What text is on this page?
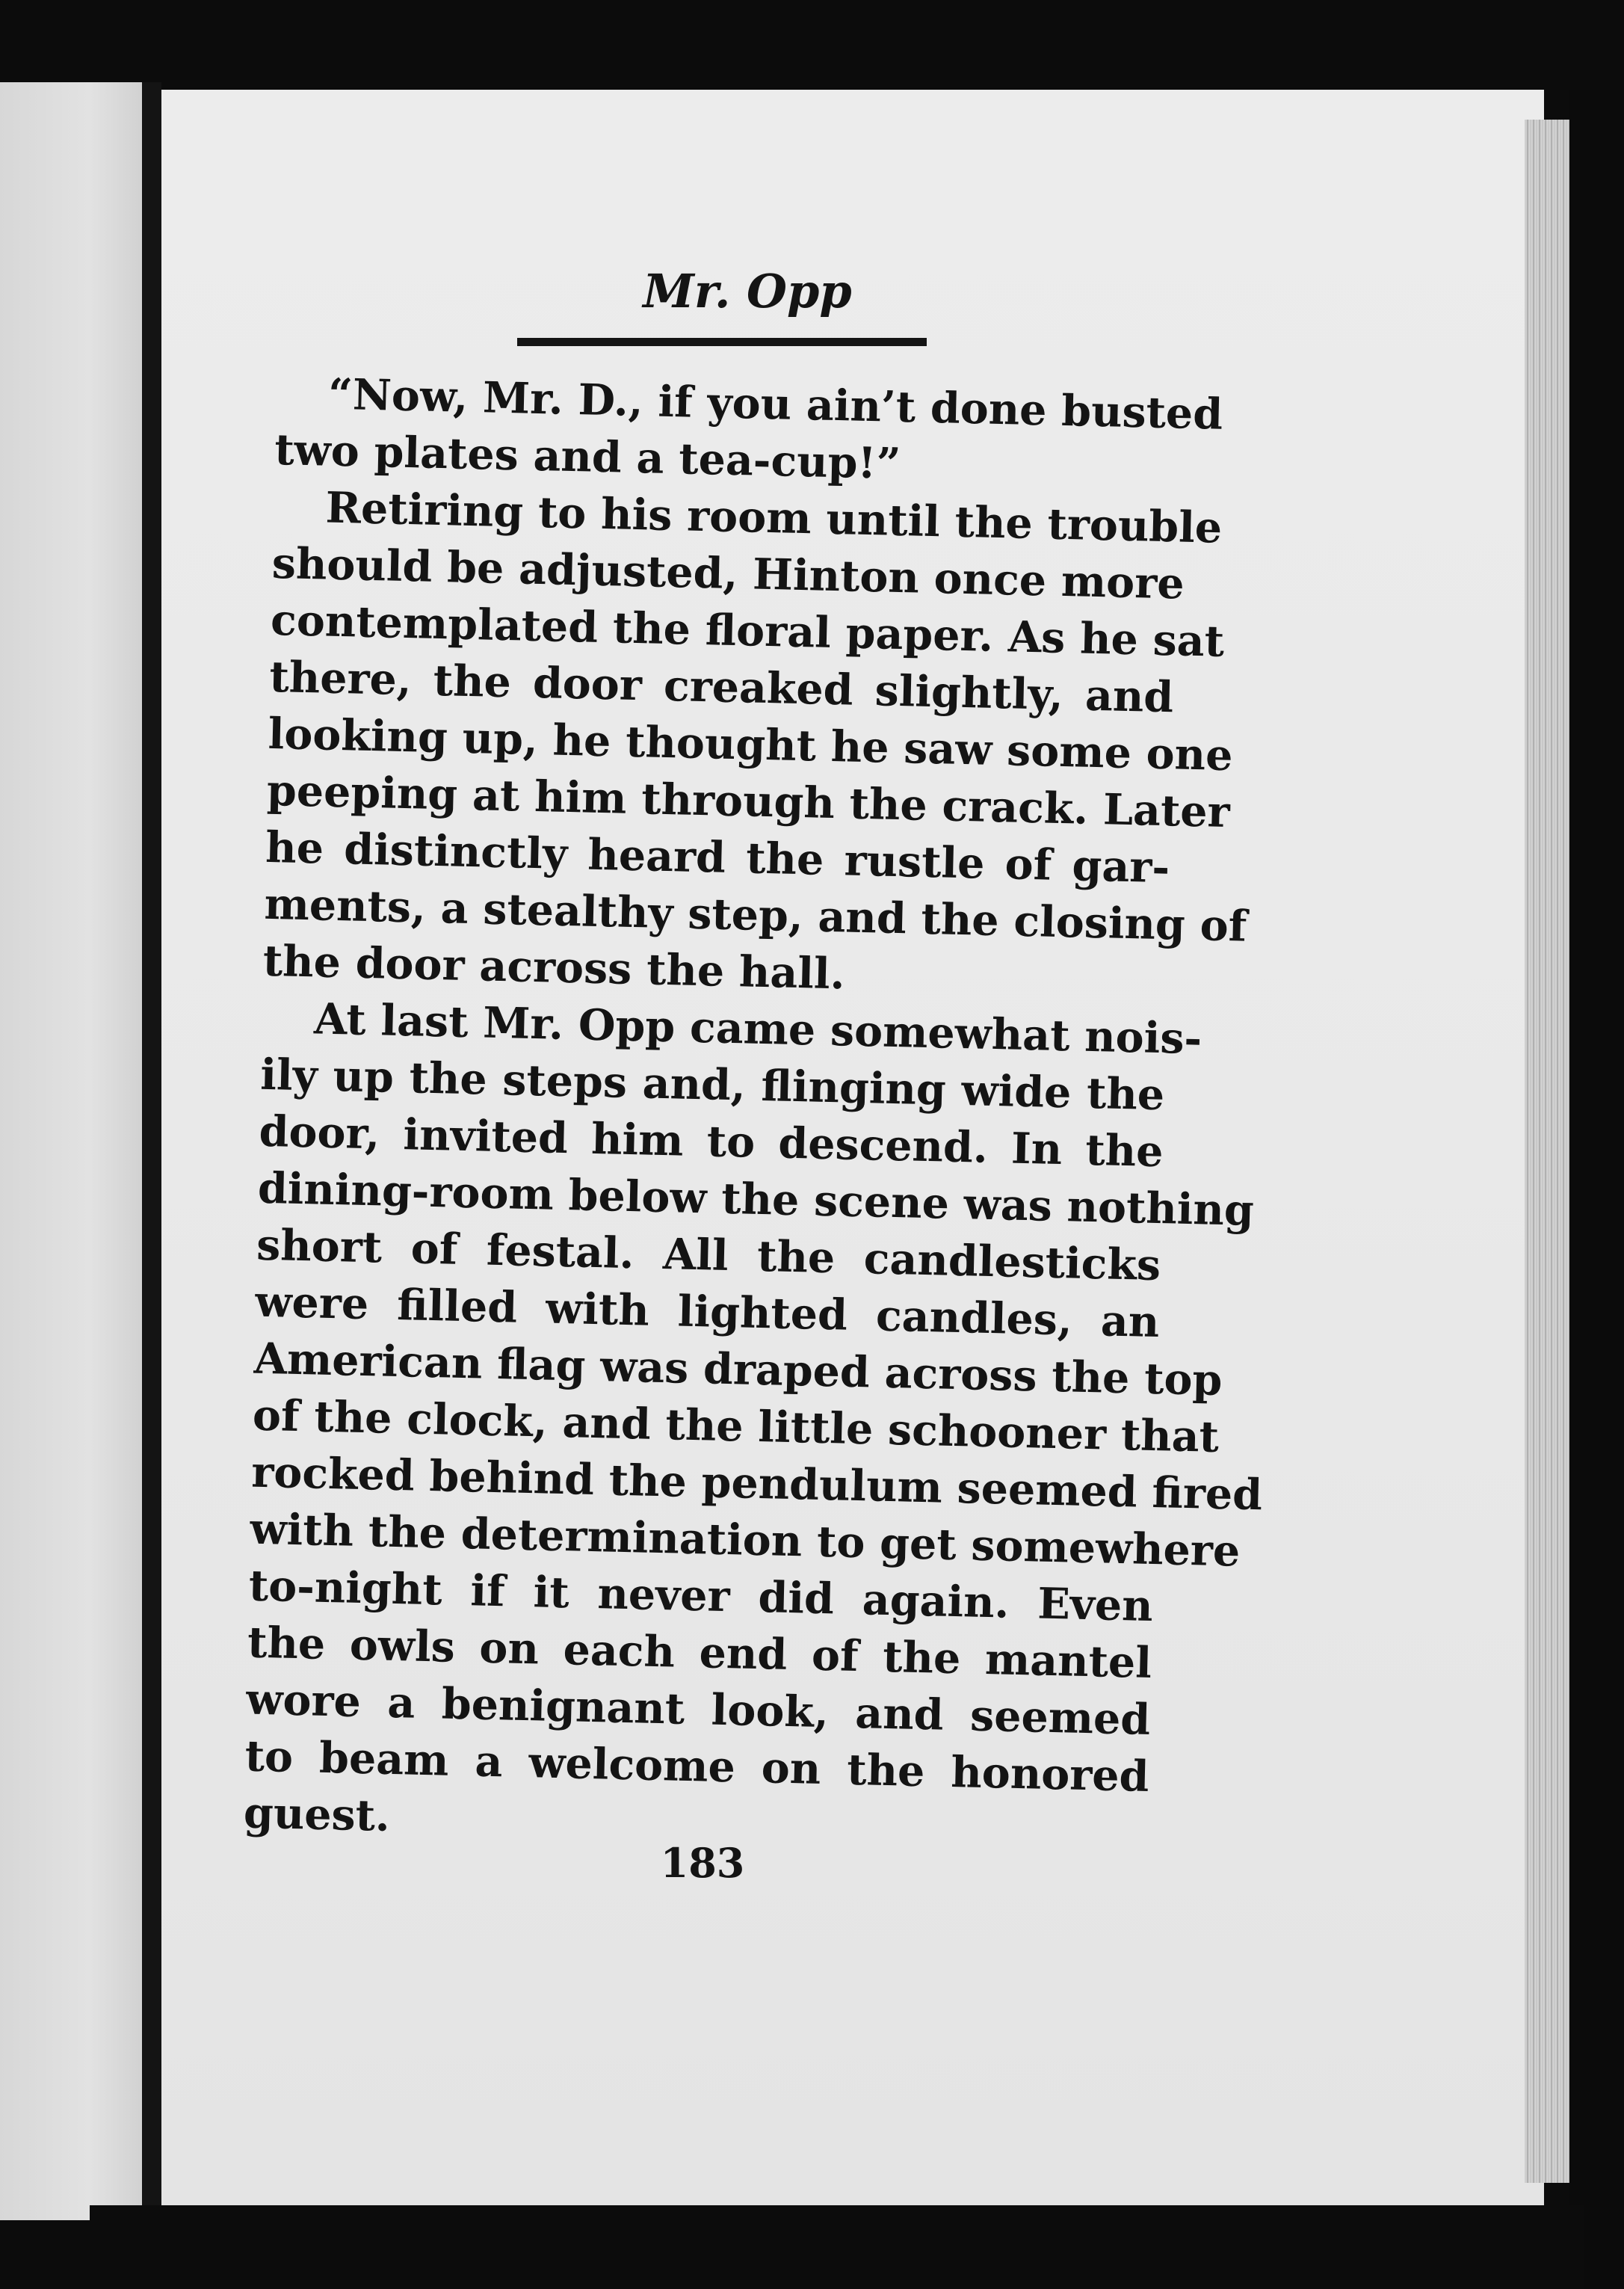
Mr. Opp

“Now, Mr. D., if you ain’t done busted
two plates and a tea-cup!”

Retiring to his room until the trouble
should be adjusted, Hinton once more
contemplated the floral paper. As he sat
there, the door creaked slightly, and
looking up, he thought he saw some one
peeping at him through the crack. Later
he distinctly heard the rustle of gar-
ments, a stealthy step, and the closing of
the door across the hall.

At last Mr. Opp came somewhat nois-
ily up the steps and, flinging wide the
door, invited him to descend. In the
dining-room below the scene was nothing
short of festal. All the candlesticks
were filled with lighted candles, an
American flag was draped across the top
of the clock, and the little schooner that
rocked behind the pendulum seemed fired
with the determination to get somewhere
to-night if it never did again. Even
the owls on each end of the mantel
wore a benignant look, and seemed
to beam a welcome on the honored
guest.

183
